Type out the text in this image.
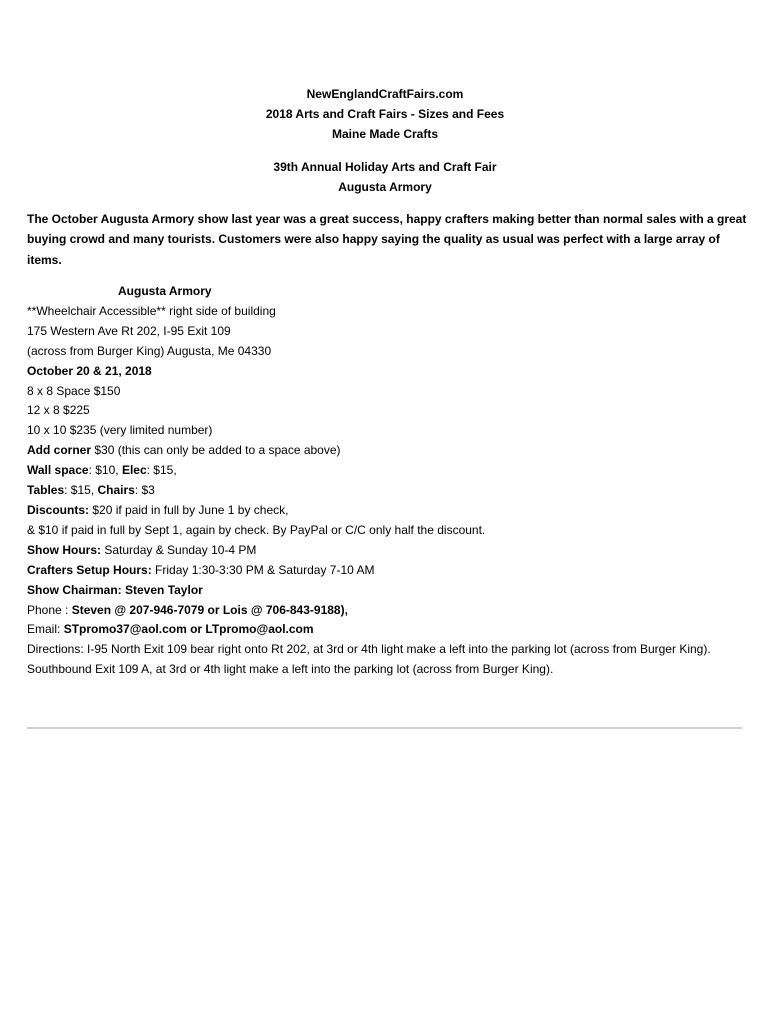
NewEnglandCraftFairs.com
2018 Arts and Craft Fairs - Sizes and Fees
Maine Made Crafts
39th Annual Holiday Arts and Craft Fair
Augusta Armory
The October Augusta Armory show last year was a great success, happy crafters making better than normal sales with a great buying crowd and many tourists. Customers were also happy saying the quality as usual was perfect with a large array of items.
Augusta Armory
**Wheelchair Accessible** right side of building
175 Western Ave Rt 202, I-95 Exit 109
(across from Burger King) Augusta, Me 04330
October 20 & 21, 2018
8 x 8 Space $150
12 x 8 $225
10 x 10 $235 (very limited number)
Add corner $30 (this can only be added to a space above)
Wall space: $10, Elec: $15,
Tables: $15, Chairs: $3
Discounts: $20 if paid in full by June 1 by check,
& $10 if paid in full by Sept 1, again by check. By PayPal or C/C only half the discount.
Show Hours: Saturday & Sunday 10-4 PM
Crafters Setup Hours: Friday 1:30-3:30 PM & Saturday 7-10 AM
Show Chairman: Steven Taylor
Phone : Steven @ 207-946-7079 or Lois @ 706-843-9188),
Email: STpromo37@aol.com or LTpromo@aol.com
Directions: I-95 North Exit 109 bear right onto Rt 202, at 3rd or 4th light make a left into the parking lot (across from Burger King).
Southbound Exit 109 A, at 3rd or 4th light make a left into the parking lot (across from Burger King).
